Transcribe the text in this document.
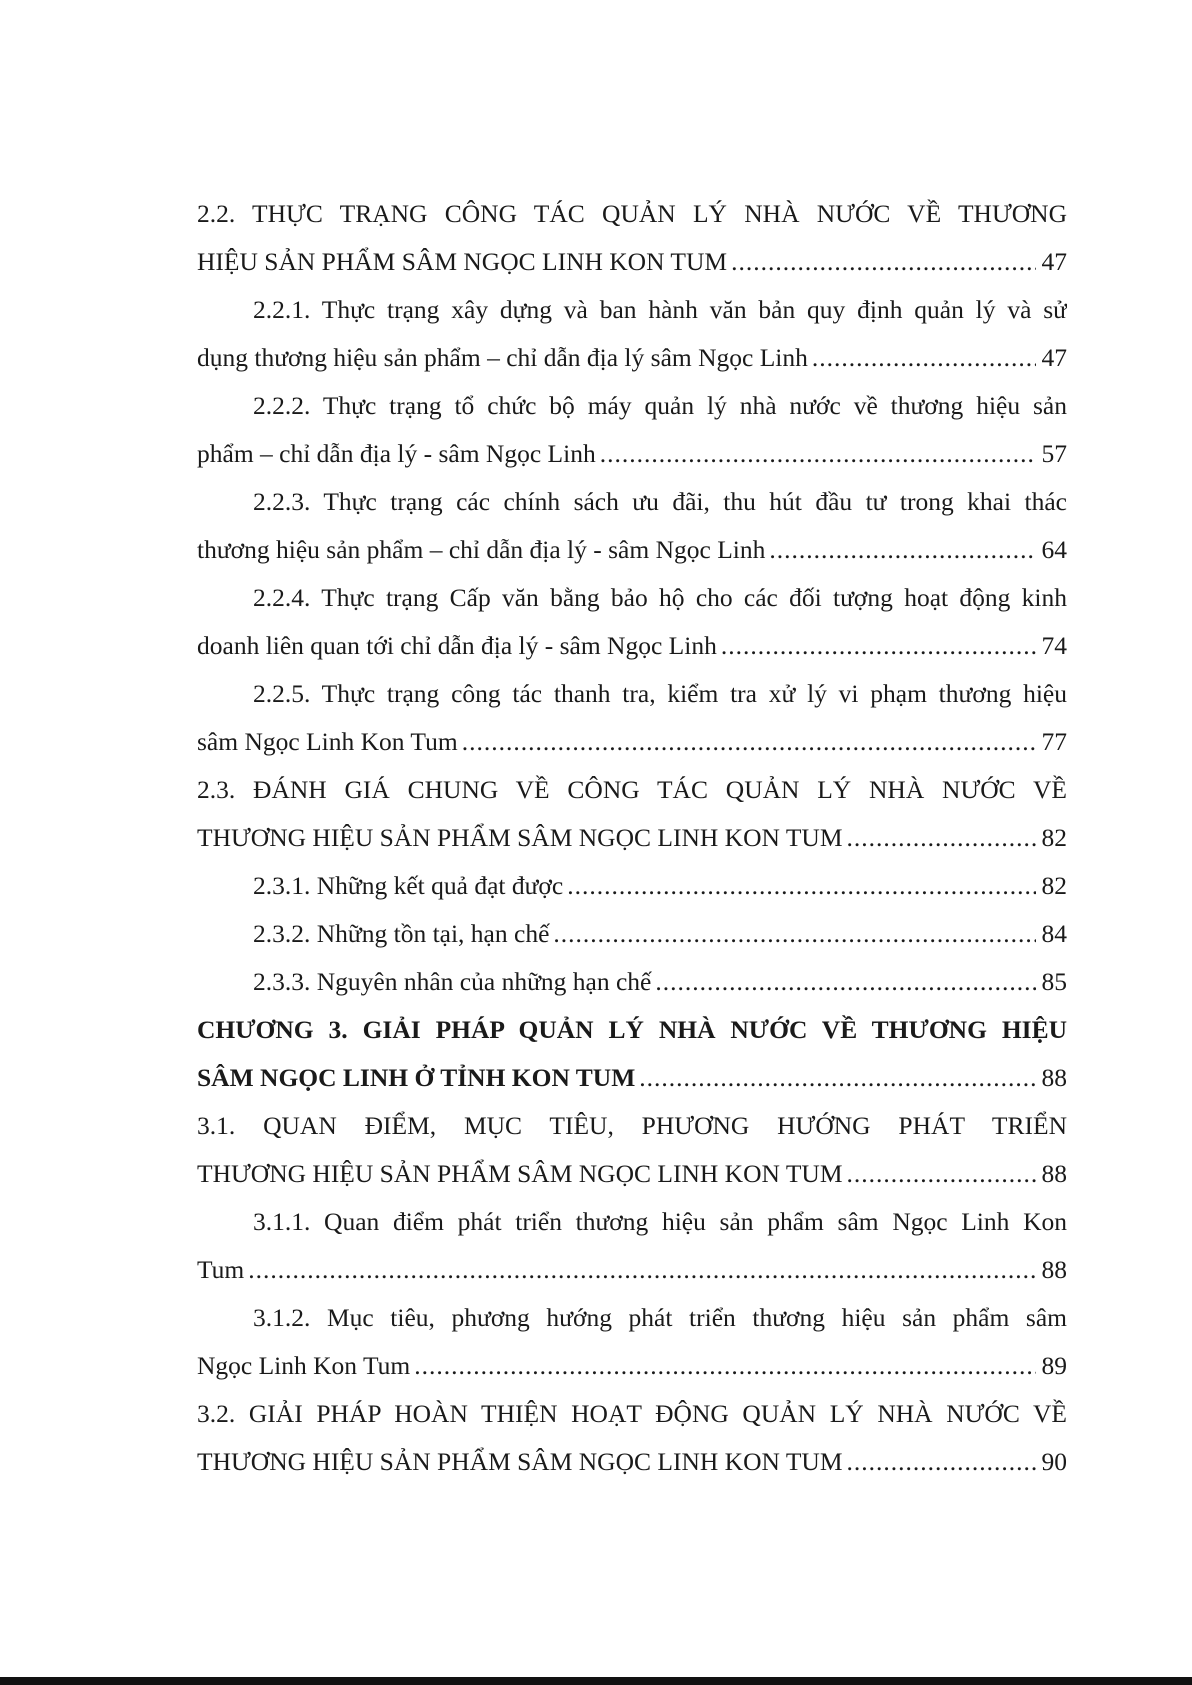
2.2. THỰC TRẠNG CÔNG TÁC QUẢN LÝ NHÀ NƯỚC VỀ THƯƠNG
HIỆU SẢN PHẨM SÂM NGỌC LINH KON TUM .....	47
2.2.1. Thực trạng xây dựng và ban hành văn bản quy định quản lý và sử
dụng thương hiệu sản phẩm – chỉ dẫn địa lý sâm Ngọc Linh .....	47
2.2.2. Thực trạng tổ chức bộ máy quản lý nhà nước về thương hiệu sản
phẩm – chỉ dẫn địa lý - sâm Ngọc Linh .....	57
2.2.3. Thực trạng các chính sách ưu đãi, thu hút đầu tư trong khai thác
thương hiệu sản phẩm – chỉ dẫn địa lý - sâm Ngọc Linh .....	64
2.2.4. Thực trạng Cấp văn bằng bảo hộ cho các đối tượng hoạt động kinh
doanh liên quan tới chỉ dẫn địa lý - sâm Ngọc Linh .....	74
2.2.5. Thực trạng công tác thanh tra, kiểm tra xử lý vi phạm thương hiệu
sâm Ngọc Linh Kon Tum .....	77
2.3. ĐÁNH GIÁ CHUNG VỀ CÔNG TÁC QUẢN LÝ NHÀ NƯỚC VỀ
THƯƠNG HIỆU SẢN PHẨM SÂM NGỌC LINH KON TUM .....	82
2.3.1. Những kết quả đạt được .....	82
2.3.2. Những tồn tại, hạn chế .....	84
2.3.3. Nguyên nhân của những hạn chế .....	85
CHƯƠNG 3. GIẢI PHÁP QUẢN LÝ NHÀ NƯỚC VỀ THƯƠNG HIỆU
SÂM NGỌC LINH Ở TỈNH KON TUM .....	88
3.1. QUAN ĐIỂM, MỤC TIÊU, PHƯƠNG HƯỚNG PHÁT TRIỂN
THƯƠNG HIỆU SẢN PHẨM SÂM NGỌC LINH KON TUM .....	88
3.1.1. Quan điểm phát triển thương hiệu sản phẩm sâm Ngọc Linh Kon
Tum .....	88
3.1.2. Mục tiêu, phương hướng phát triển thương hiệu sản phẩm sâm
Ngọc Linh Kon Tum .....	89
3.2. GIẢI PHÁP HOÀN THIỆN HOẠT ĐỘNG QUẢN LÝ NHÀ NƯỚC VỀ
THƯƠNG HIỆU SẢN PHẨM SÂM NGỌC LINH KON TUM .....	90
